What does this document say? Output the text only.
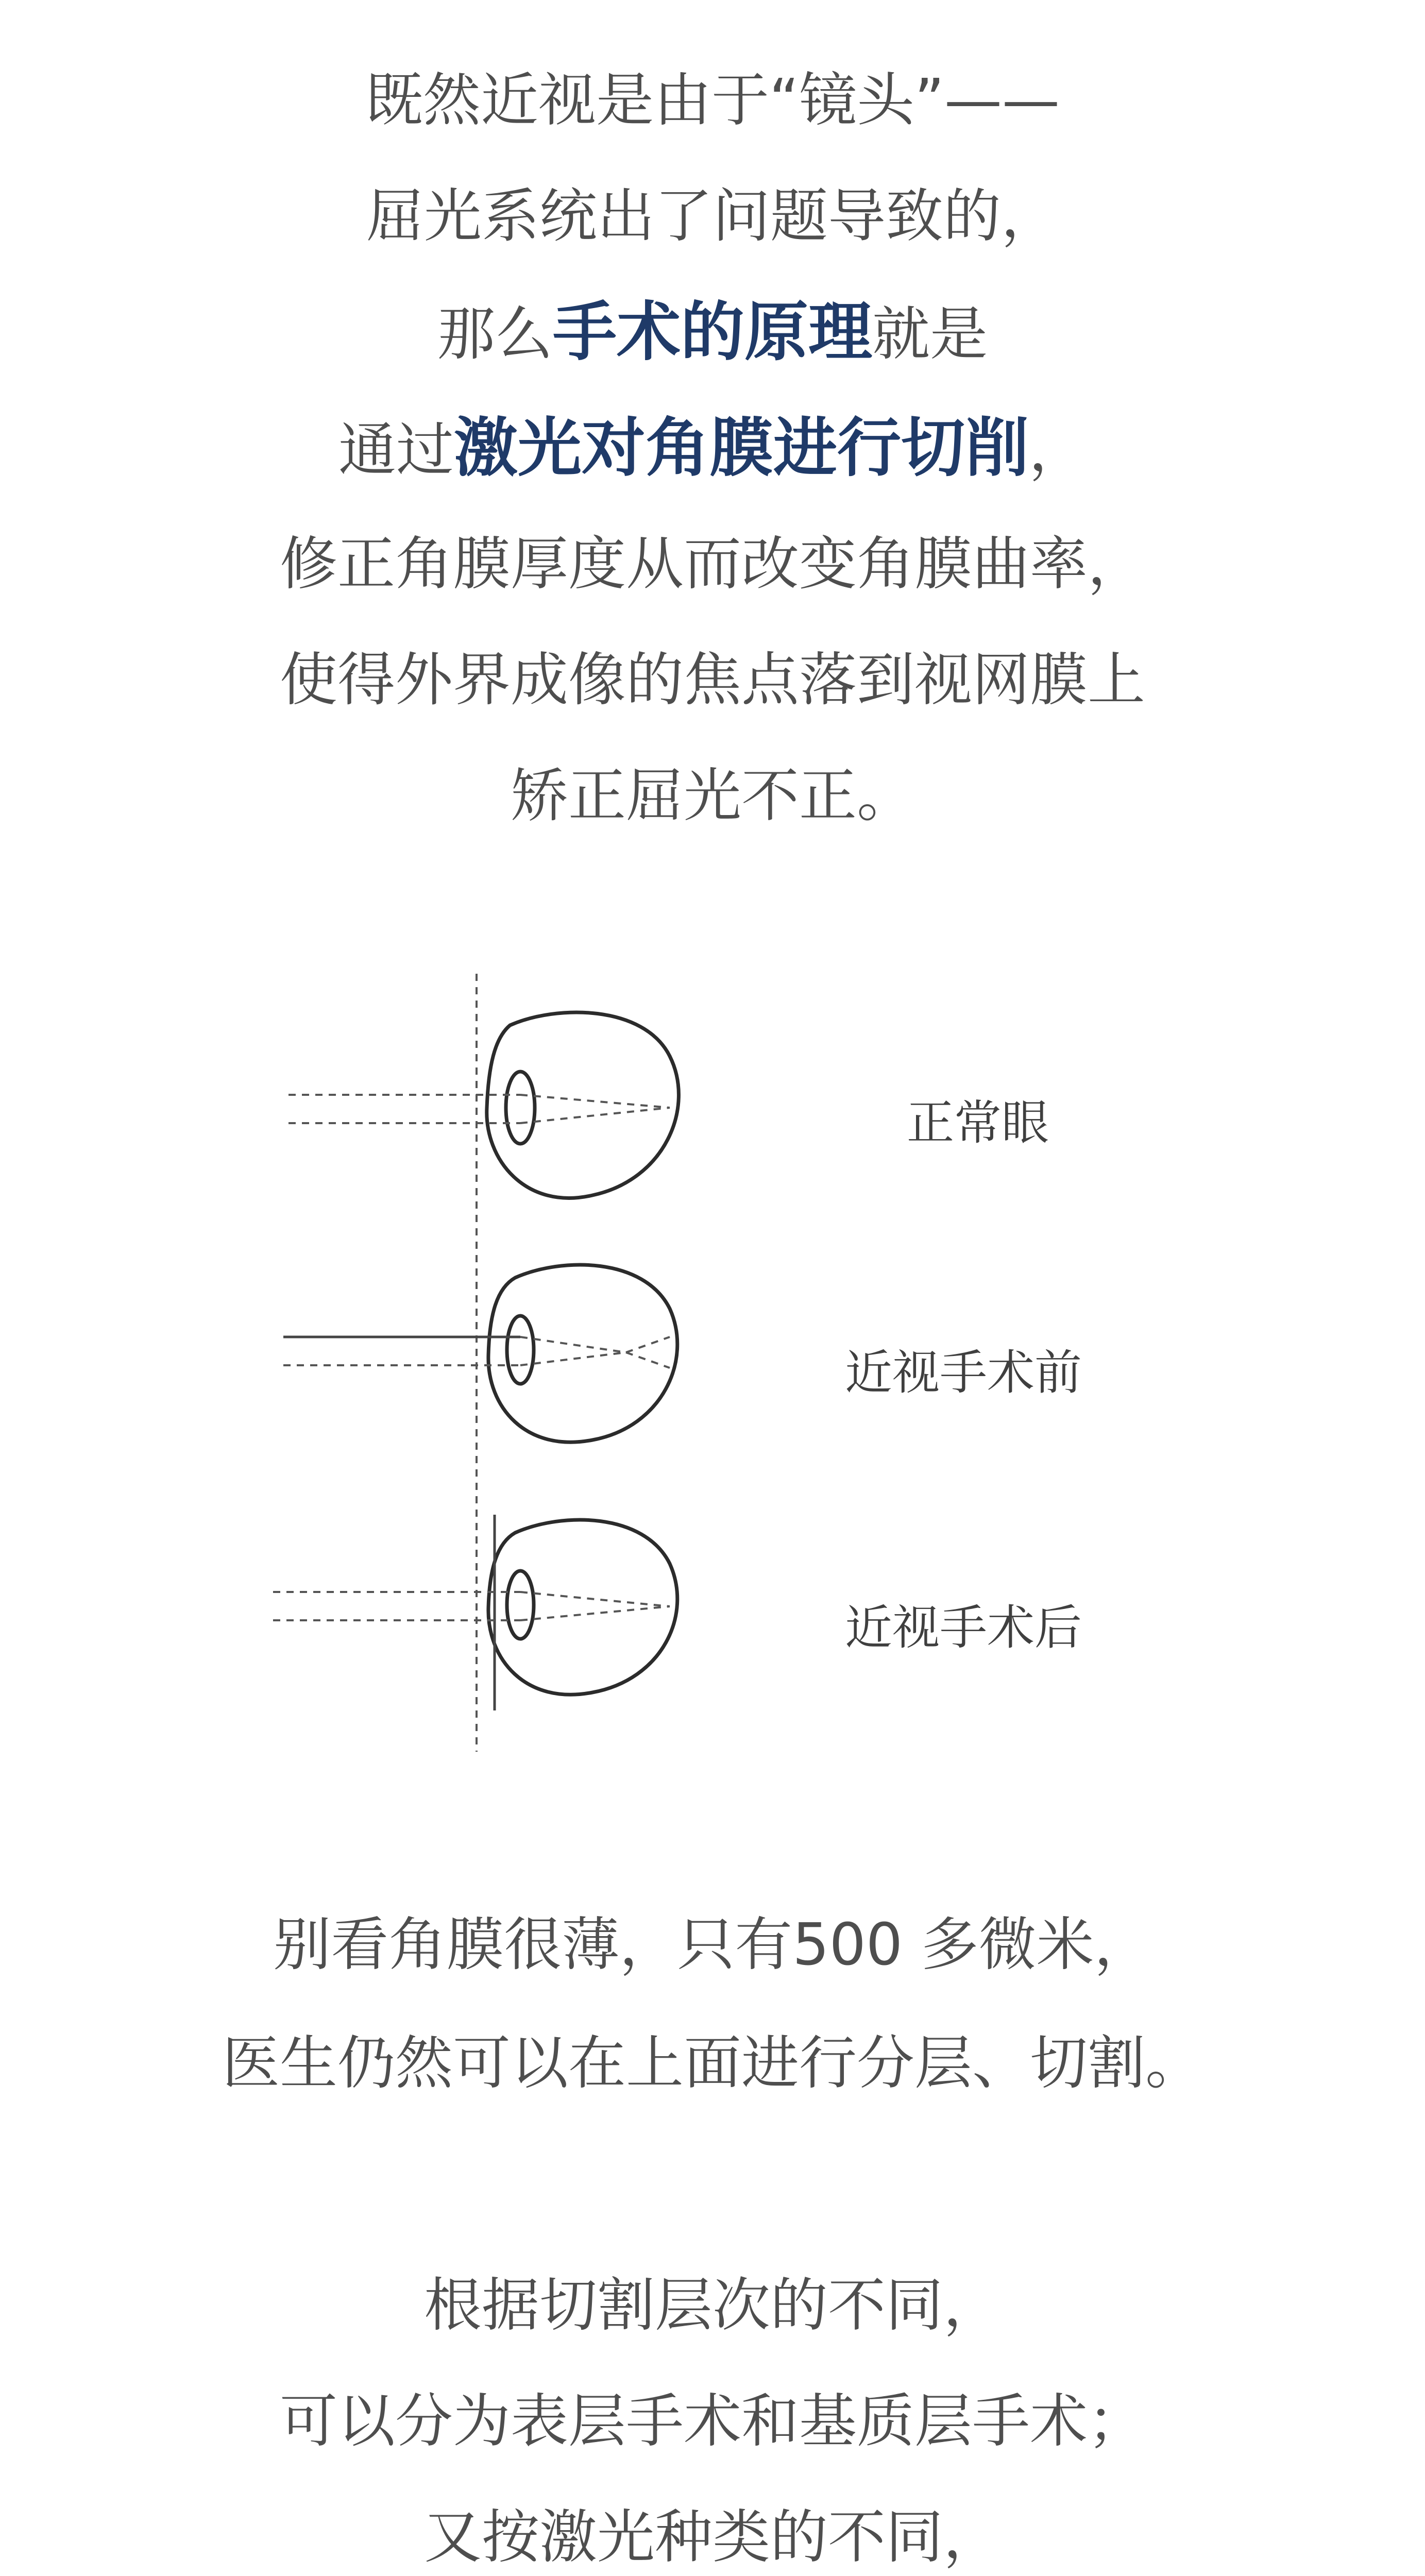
既然近视是由于“镜头”——
屈光系统出了问题导致的，
那么手术的原理就是
通过激光对角膜进行切削，
修正角膜厚度从而改变角膜曲率，
使得外界成像的焦点落到视网膜上
矫正屈光不正。
正常眼
近视手术前
近视手术后
别看角膜很薄，只有500 多微米，
医生仍然可以在上面进行分层、切割。
根据切割层次的不同，
可以分为表层手术和基质层手术；
又按激光种类的不同，
